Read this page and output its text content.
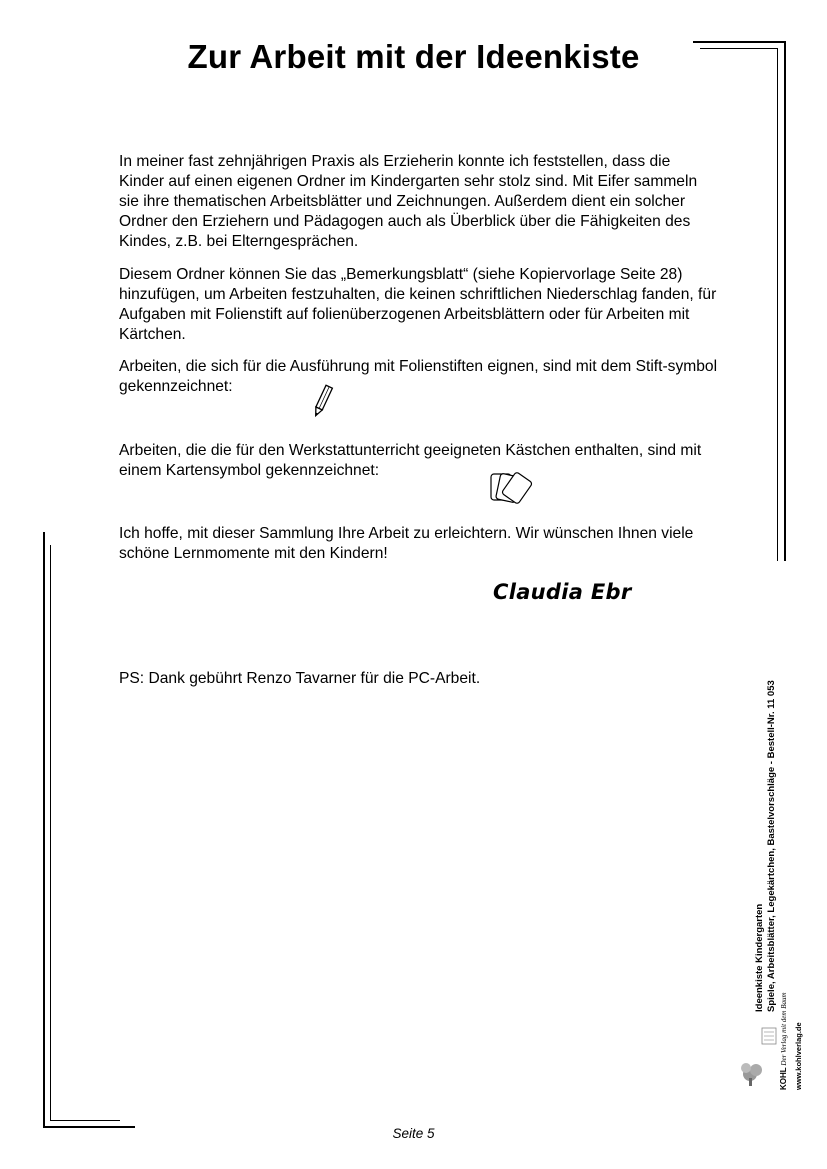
Zur Arbeit mit der Ideenkiste
In meiner fast zehnjährigen Praxis als Erzieherin konnte ich feststellen, dass die Kinder auf einen eigenen Ordner im Kindergarten sehr stolz sind. Mit Eifer sammeln sie ihre thematischen Arbeitsblätter und Zeichnungen. Außerdem dient ein solcher Ordner den Erziehern und Pädagogen auch als Überblick über die Fähigkeiten des Kindes, z.B. bei Elterngesprächen.
Diesem Ordner können Sie das „Bemerkungsblatt“ (siehe Kopiervorlage Seite 28) hinzufügen, um Arbeiten festzuhalten, die keinen schriftlichen Niederschlag fanden, für Aufgaben mit Folienstift auf folienüberzogenen Arbeitsblättern oder für Arbeiten mit Kärtchen.
Arbeiten, die sich für die Ausführung mit Folienstiften eignen, sind mit dem Stift-symbol gekennzeichnet:
Arbeiten, die die für den Werkstattunterricht geeigneten Kästchen enthalten, sind mit einem Kartensymbol gekennzeichnet:
Ich hoffe, mit dieser Sammlung Ihre Arbeit zu erleichtern. Wir wünschen Ihnen viele schöne Lernmomente mit den Kindern!
Claudia Ebr
PS: Dank gebührt Renzo Tavarner für die PC-Arbeit.
Ideenkiste Kindergarten Spiele, Arbeitsblätter, Legekärtchen, Bastelvorschläge - Bestell-Nr. 11 053
KOHL Der Verlag mit dem Baum www.kohlverlag.de
Seite 5
